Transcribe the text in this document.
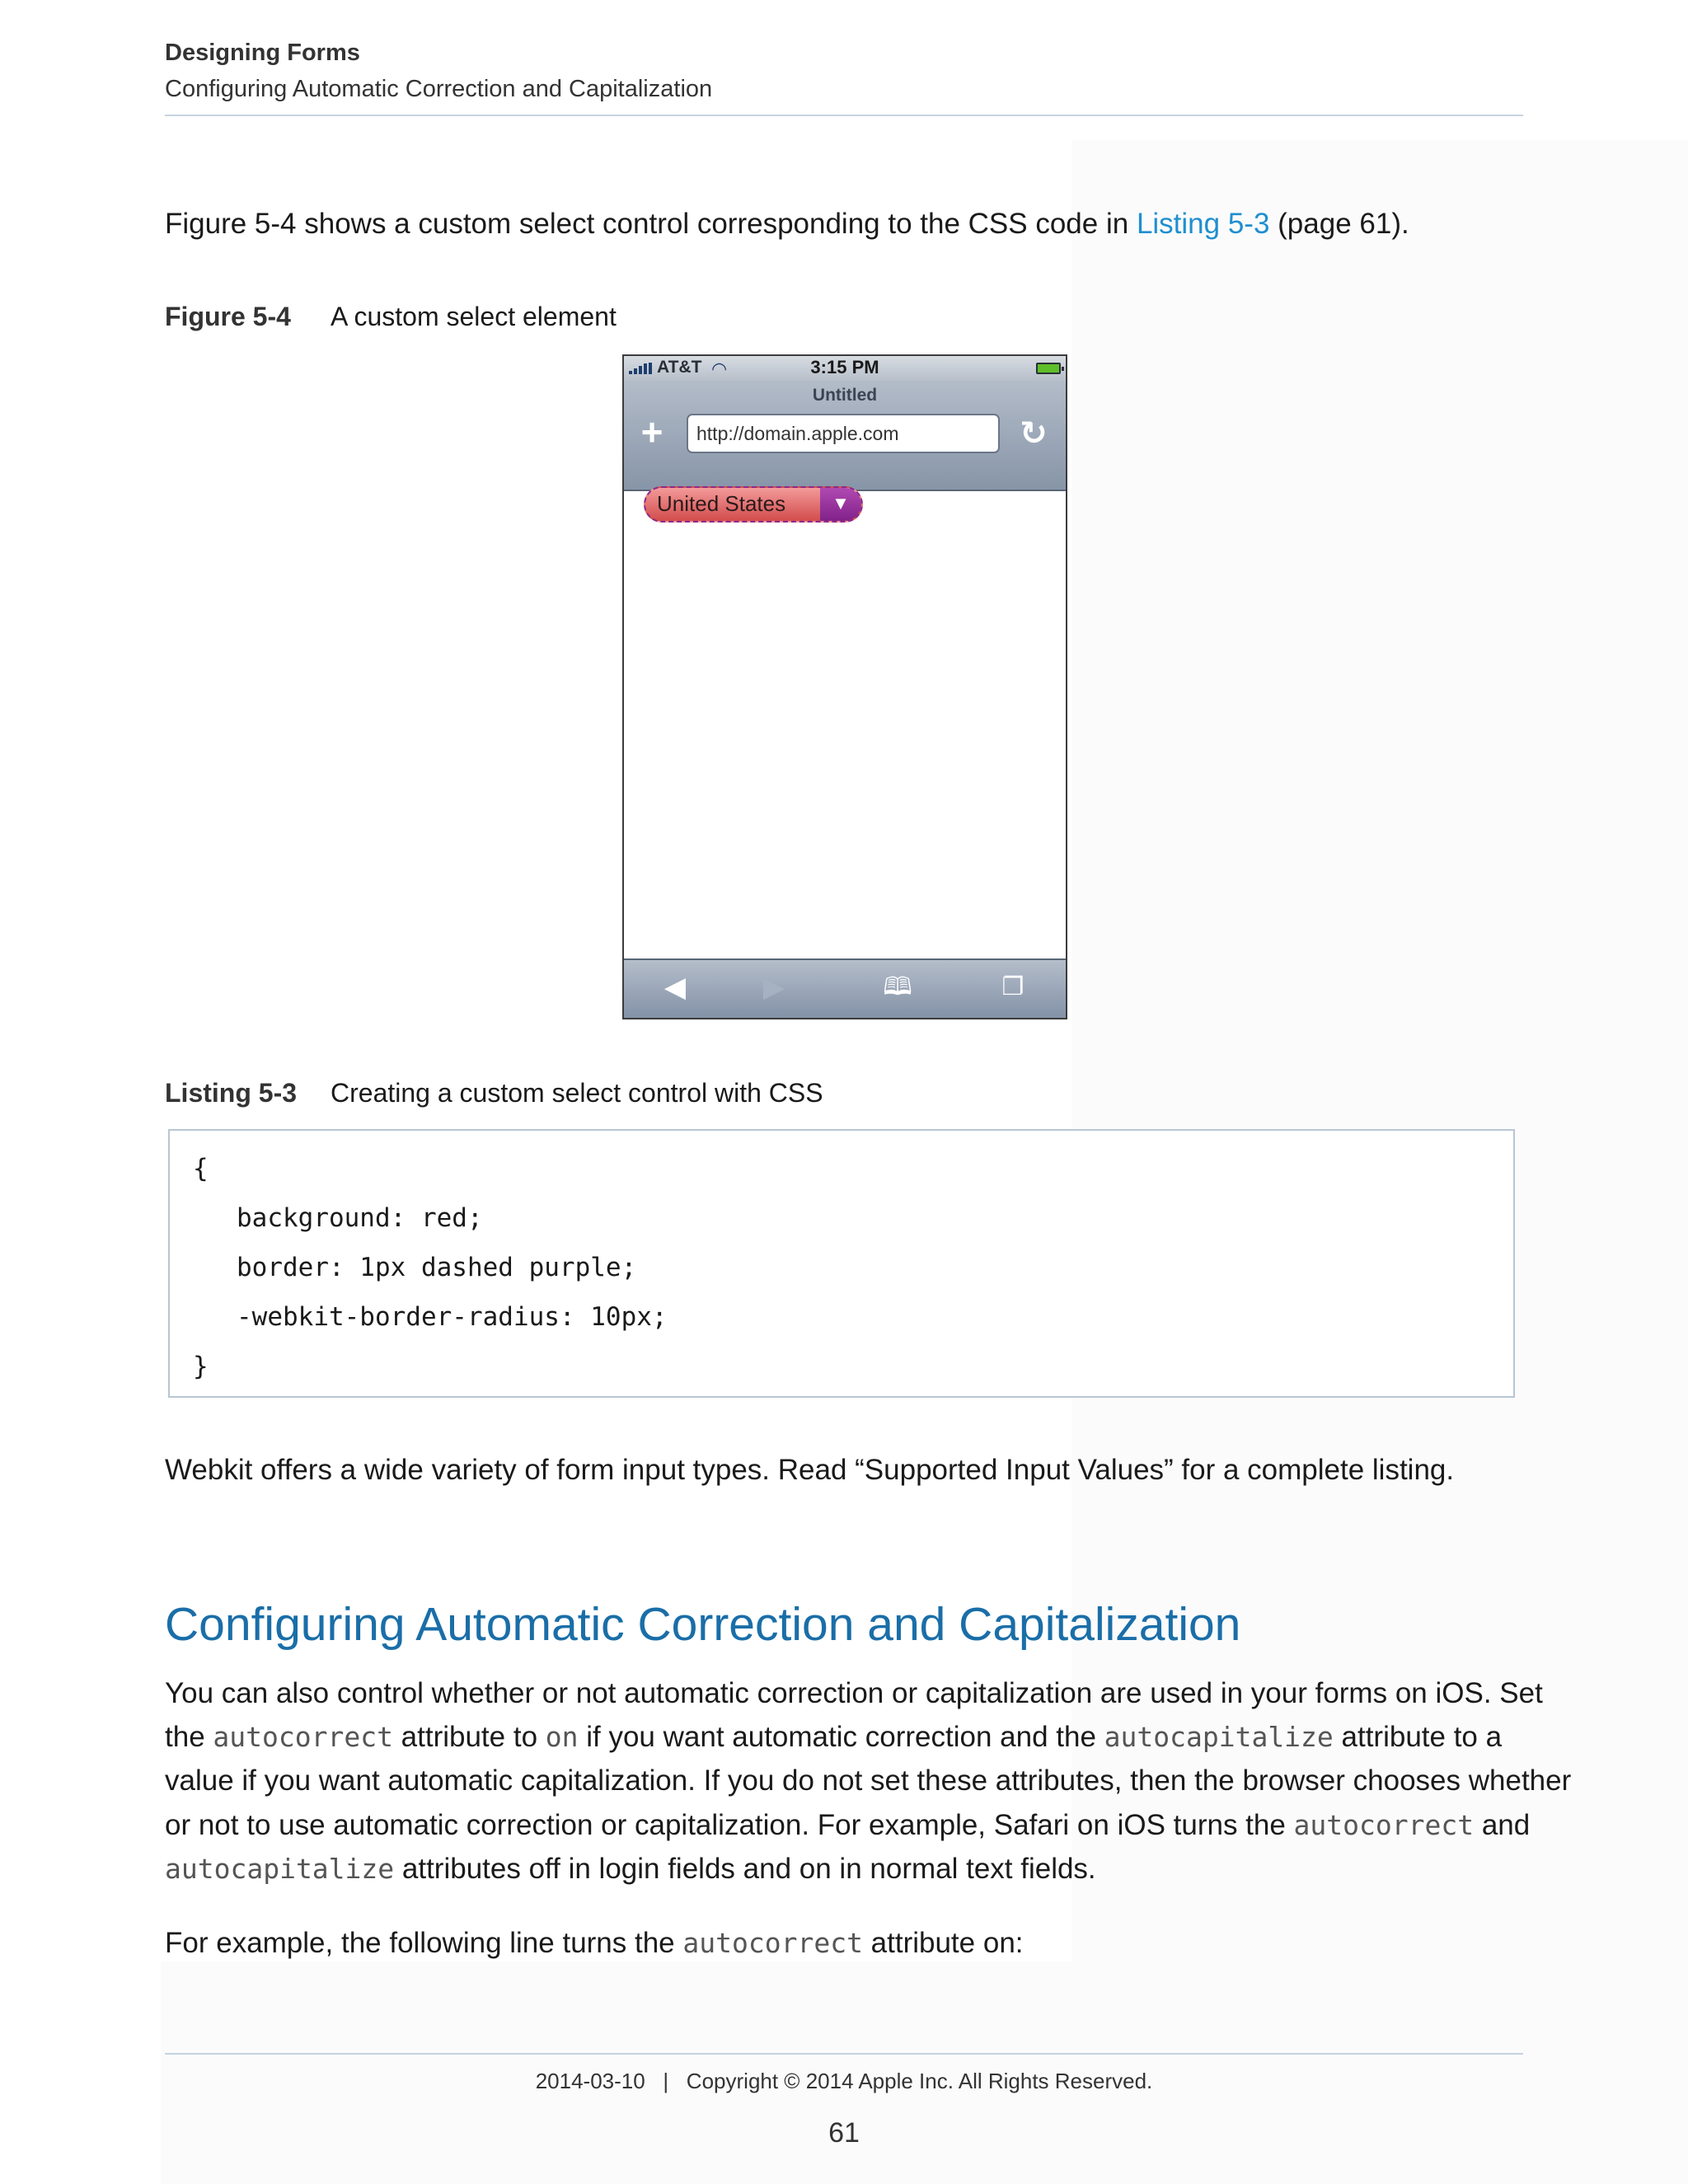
Designing Forms
Configuring Automatic Correction and Capitalization
Figure 5-4 shows a custom select control corresponding to the CSS code in Listing 5-3 (page 61).
Figure 5-4 A custom select element
AT&T ◠	3:15 PM
Untitled
+	http://domain.apple.com	↻
United States	▼
◀	▶	🕮	❐
Listing 5-3 Creating a custom select control with CSS
{
background: red;
border: 1px dashed purple;
-webkit-border-radius: 10px;
}
Webkit offers a wide variety of form input types. Read “Supported Input Values” for a complete listing.
Configuring Automatic Correction and Capitalization
You can also control whether or not automatic correction or capitalization are used in your forms on iOS. Set
the autocorrect attribute to on if you want automatic correction and the autocapitalize attribute to a
value if you want automatic capitalization. If you do not set these attributes, then the browser chooses whether
or not to use automatic correction or capitalization. For example, Safari on iOS turns the autocorrect and
autocapitalize attributes off in login fields and on in normal text fields.
For example, the following line turns the autocorrect attribute on:
2014-03-10   |   Copyright © 2014 Apple Inc. All Rights Reserved.
61
